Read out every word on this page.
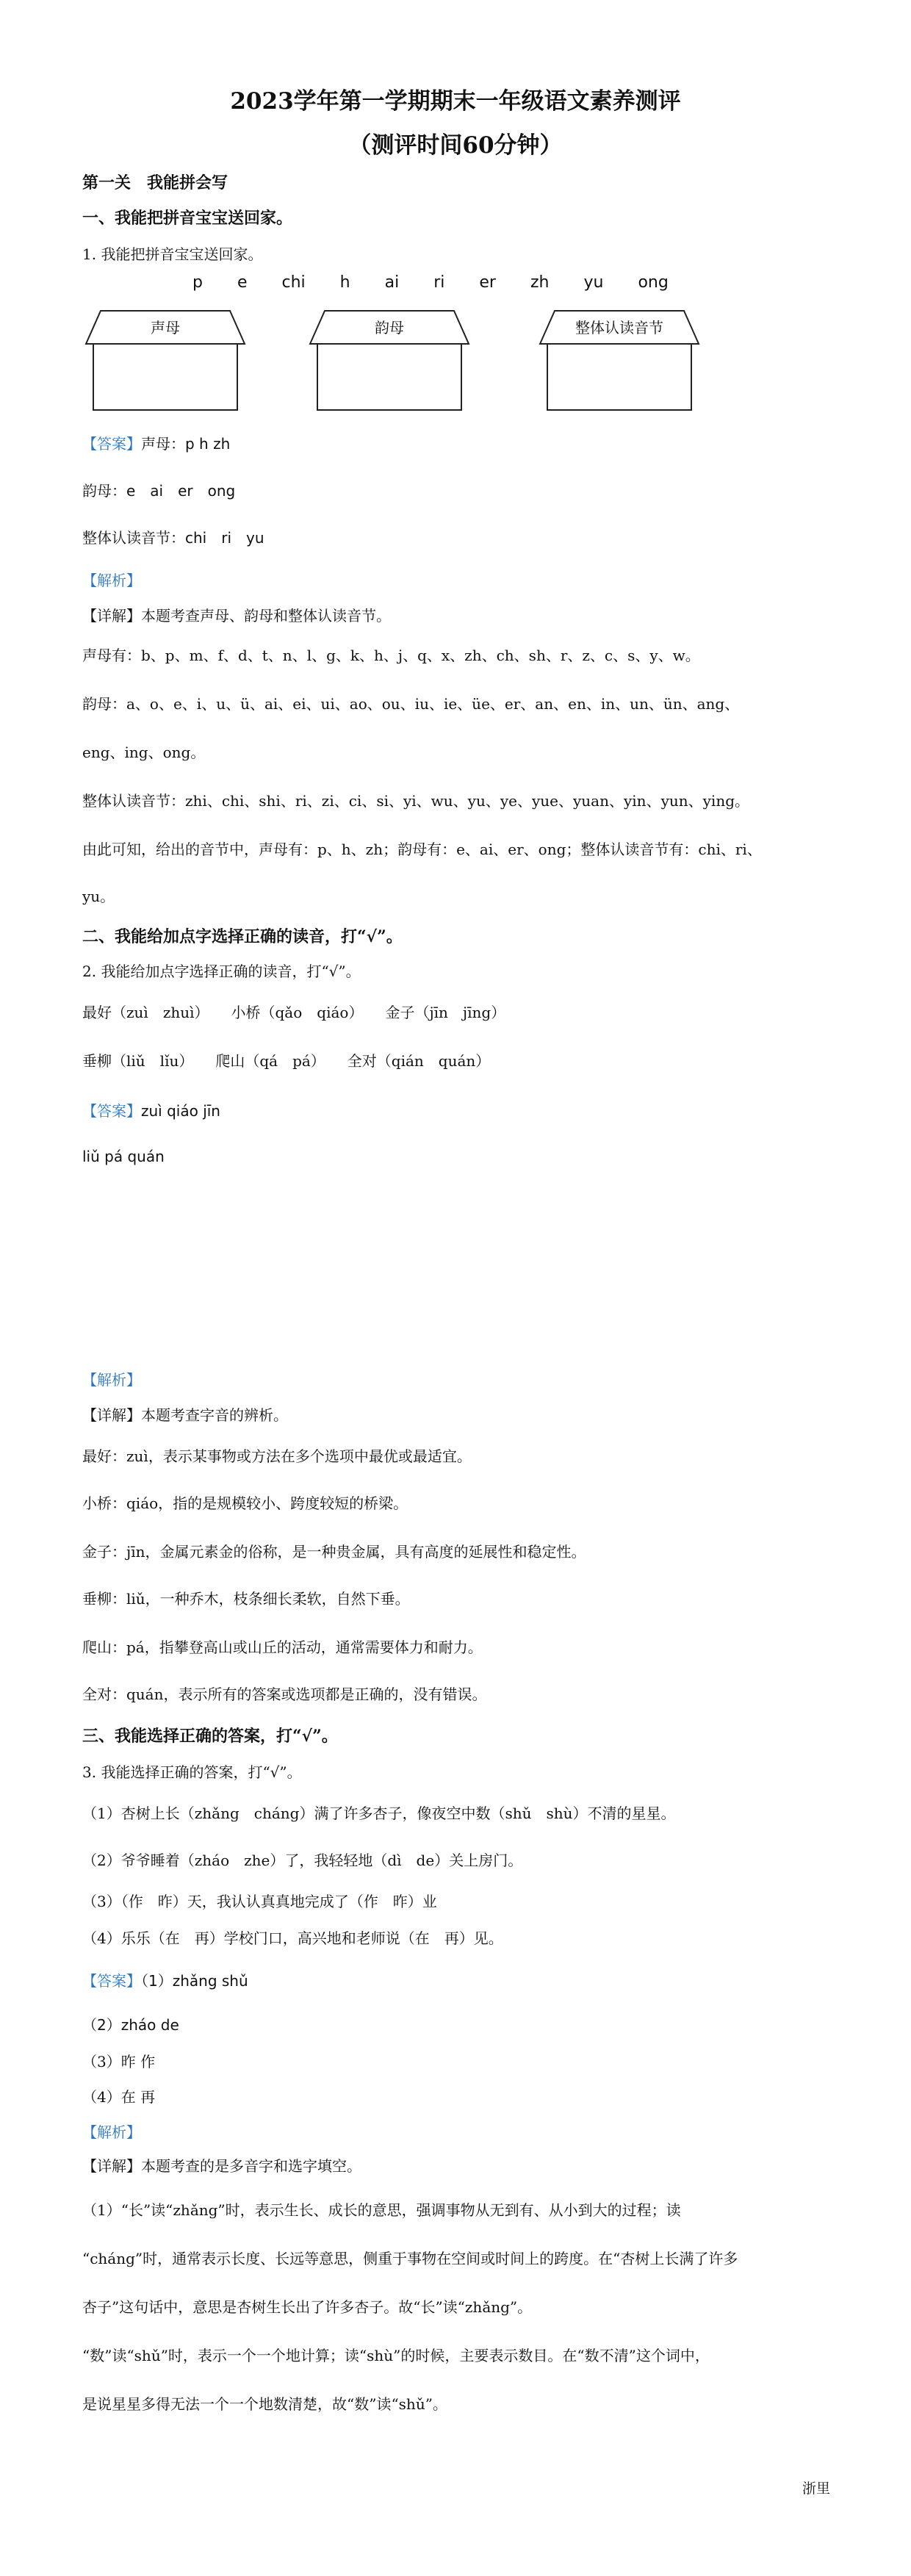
2023学年第一学期期末一年级语文素养测评
（测评时间60分钟）
第一关　我能拼会写
一、我能把拼音宝宝送回家。
1. 我能把拼音宝宝送回家。
p e chi h ai ri er zh yu ong
声母	韵母	整体认读音节
【答案】声母：p h zh
韵母：e　ai　er　ong
整体认读音节：chi　ri　yu
【解析】
【详解】本题考查声母、韵母和整体认读音节。
声母有：b、p、m、f、d、t、n、l、g、k、h、j、q、x、zh、ch、sh、r、z、c、s、y、w。
韵母：a、o、e、i、u、ü、ai、ei、ui、ao、ou、iu、ie、üe、er、an、en、in、un、ün、ang、
eng、ing、ong。
整体认读音节：zhi、chi、shi、ri、zi、ci、si、yi、wu、yu、ye、yue、yuan、yin、yun、ying。
由此可知，给出的音节中，声母有：p、h、zh；韵母有：e、ai、er、ong；整体认读音节有：chi、ri、
yu。
二、我能给加点字选择正确的读音，打“√”。
2. 我能给加点字选择正确的读音，打“√”。
最好（zuì　zhuì）　　小桥（qǎo　qiáo）　　金子（jīn　jīng）
垂柳（liǔ　lǐu）　　爬山（qá　pá）　　全对（qián　quán）
【答案】zuì qiáo jīn
liǔ pá quán
【解析】
【详解】本题考查字音的辨析。
最好：zuì，表示某事物或方法在多个选项中最优或最适宜。
小桥：qiáo，指的是规模较小、跨度较短的桥梁。
金子：jīn，金属元素金的俗称，是一种贵金属，具有高度的延展性和稳定性。
垂柳：liǔ，一种乔木，枝条细长柔软，自然下垂。
爬山：pá，指攀登高山或山丘的活动，通常需要体力和耐力。
全对：quán，表示所有的答案或选项都是正确的，没有错误。
三、我能选择正确的答案，打“√”。
3. 我能选择正确的答案，打“√”。
（1）杏树上长（zhǎng　cháng）满了许多杏子，像夜空中数（shǔ　shù）不清的星星。
（2）爷爷睡着（zháo　zhe）了，我轻轻地（dì　de）关上房门。
（3）（作　昨）天，我认认真真地完成了（作　昨）业
（4）乐乐（在　再）学校门口，高兴地和老师说（在　再）见。
【答案】（1）zhǎng shǔ
（2）zháo de
（3）昨 作
（4）在 再
【解析】
【详解】本题考查的是多音字和选字填空。
（1）“长”读“zhǎng”时，表示生长、成长的意思，强调事物从无到有、从小到大的过程；读
“cháng”时，通常表示长度、长远等意思，侧重于事物在空间或时间上的跨度。在“杏树上长满了许多
杏子”这句话中，意思是杏树生长出了许多杏子。故“长”读“zhǎng”。
“数”读“shǔ”时，表示一个一个地计算；读“shù”的时候，主要表示数目。在“数不清”这个词中，
是说星星多得无法一个一个地数清楚，故“数”读“shǔ”。
浙里
